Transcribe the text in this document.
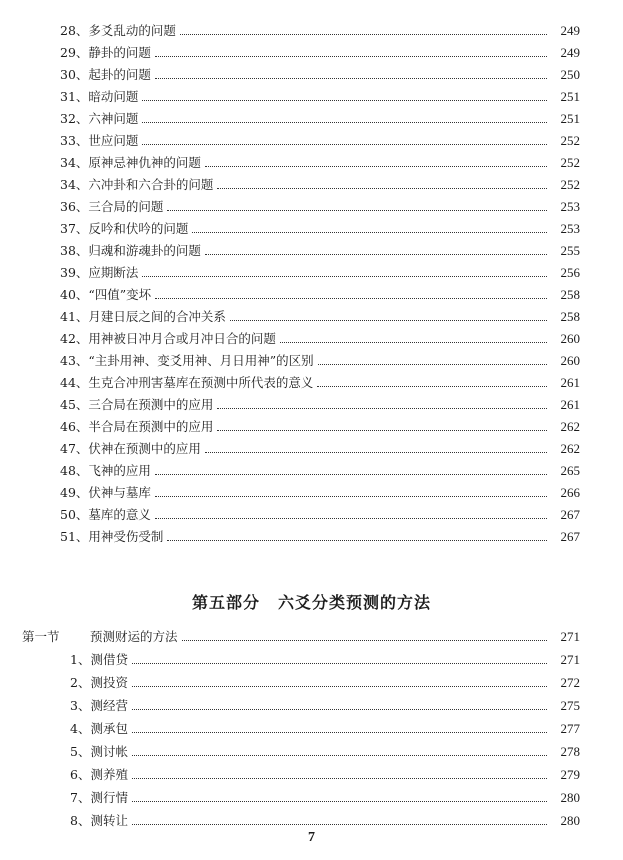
28、多爻乱动的问题	249
29、静卦的问题	249
30、起卦的问题	250
31、暗动问题	251
32、六神问题	251
33、世应问题	252
34、原神忌神仇神的问题	252
34、六冲卦和六合卦的问题	252
36、三合局的问题	253
37、反吟和伏吟的问题	253
38、归魂和游魂卦的问题	255
39、应期断法	256
40、“四值”变坏	258
41、月建日辰之间的合冲关系	258
42、用神被日冲月合或月冲日合的问题	260
43、“主卦用神、变爻用神、月日用神”的区别	260
44、生克合冲刑害墓库在预测中所代表的意义	261
45、三合局在预测中的应用	261
46、半合局在预测中的应用	262
47、伏神在预测中的应用	262
48、飞神的应用	265
49、伏神与墓库	266
50、墓库的意义	267
51、用神受伤受制	267
第五部分 六爻分类预测的方法
第一节 预测财运的方法	271
1、测借贷	271
2、测投资	272
3、测经营	275
4、测承包	277
5、测讨帐	278
6、测养殖	279
7、测行情	280
8、测转让	280
7
